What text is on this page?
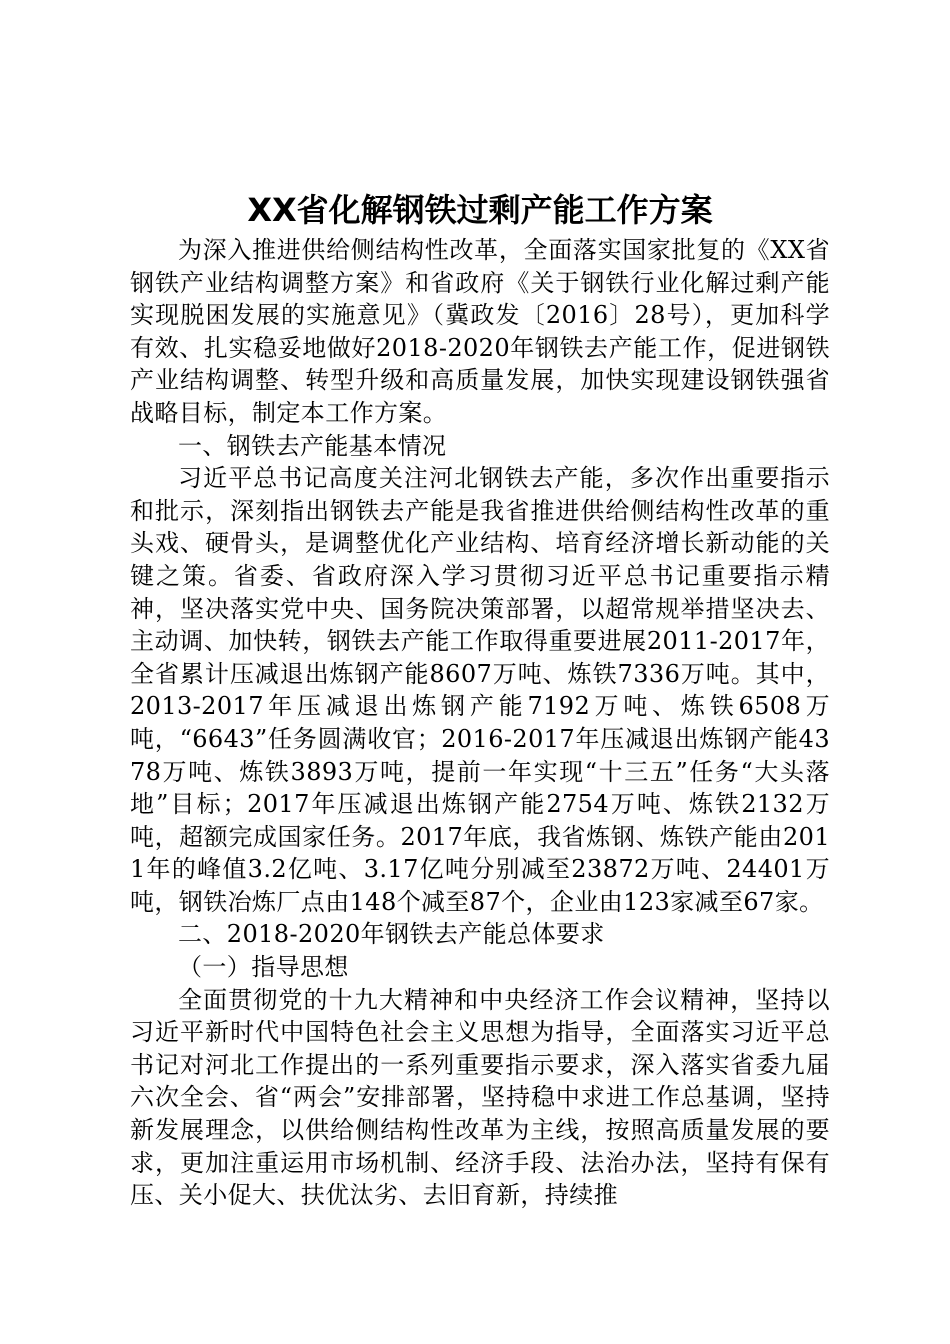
XX省化解钢铁过剩产能工作方案

为深入推进供给侧结构性改革，全面落实国家批复的《XX省钢铁产业结构调整方案》和省政府《关于钢铁行业化解过剩产能实现脱困发展的实施意见》（冀政发〔2016〕28号），更加科学有效、扎实稳妥地做好2018-2020年钢铁去产能工作，促进钢铁产业结构调整、转型升级和高质量发展，加快实现建设钢铁强省战略目标，制定本工作方案。

一、钢铁去产能基本情况

习近平总书记高度关注河北钢铁去产能，多次作出重要指示和批示，深刻指出钢铁去产能是我省推进供给侧结构性改革的重头戏、硬骨头，是调整优化产业结构、培育经济增长新动能的关键之策。省委、省政府深入学习贯彻习近平总书记重要指示精神，坚决落实党中央、国务院决策部署，以超常规举措坚决去、主动调、加快转，钢铁去产能工作取得重要进展2011-2017年，全省累计压减退出炼钢产能8607万吨、炼铁7336万吨。其中，2013-2017年压减退出炼钢产能7192万吨、炼铁6508万吨，“6643”任务圆满收官；2016-2017年压减退出炼钢产能4378万吨、炼铁3893万吨，提前一年实现“十三五”任务“大头落地”目标；2017年压减退出炼钢产能2754万吨、炼铁2132万吨，超额完成国家任务。2017年底，我省炼钢、炼铁产能由2011年的峰值3.2亿吨、3.17亿吨分别减至23872万吨、24401万吨，钢铁冶炼厂点由148个减至87个，企业由123家减至67家。

二、2018-2020年钢铁去产能总体要求

（一）指导思想

全面贯彻党的十九大精神和中央经济工作会议精神，坚持以习近平新时代中国特色社会主义思想为指导，全面落实习近平总书记对河北工作提出的一系列重要指示要求，深入落实省委九届六次全会、省“两会”安排部署，坚持稳中求进工作总基调，坚持新发展理念，以供给侧结构性改革为主线，按照高质量发展的要求，更加注重运用市场机制、经济手段、法治办法，坚持有保有压、关小促大、扶优汰劣、去旧育新，持续推
